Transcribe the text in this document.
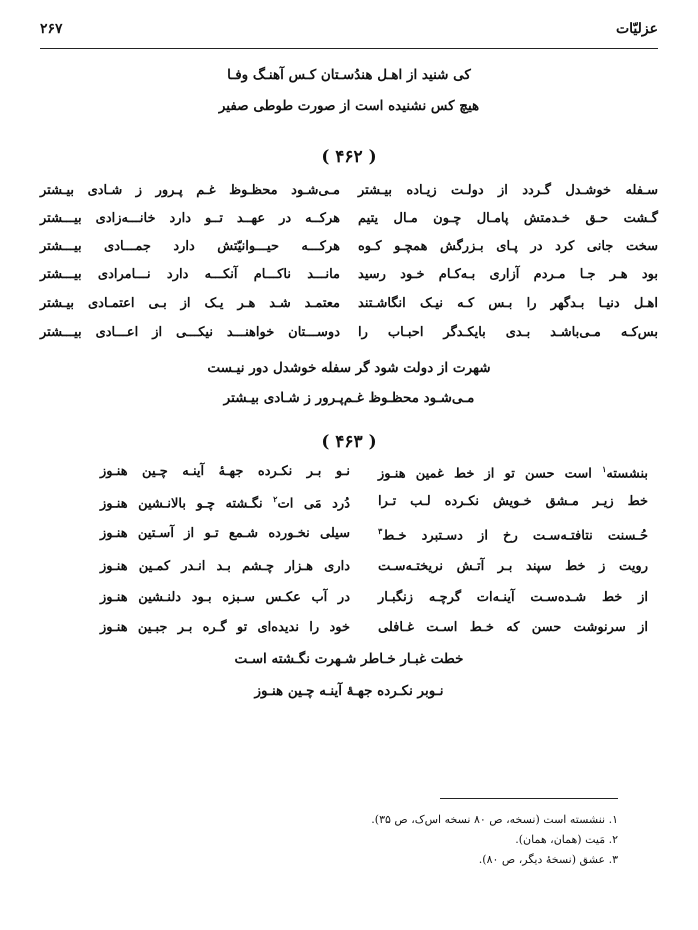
عزلیّات
۲۶۷
کی شنید از اهـل هندُسـتان کـس آهنـگ وفـا
هیچ کس نشنیده است از صورت طوطی صفیر
( ۴۶۲ )
سـفله خوشـدل گـردد از دولـت زیـاده بیـشتر
مـی‌شـود محظـوظ غـم پـرور ز شـادی بیـشتر
گـشت حـق خـدمتش پامـال چـون مـال یتیم
هرکــه در عهــد تــو دارد خانـــه‌زادی بیـــشتر
سخت جانی کرد در پـای بـزرگش همچـو کـوه
هرکـــه حیـــوانیّتش دارد جمـــادی بیـــشتر
بود هـر جـا مـردم آزاری بـه‌کـام خـود رسید
مانـــد ناکـــام آنکـــه دارد نـــامرادی بیـــشتر
اهـل دنیـا بـدگهر را بـس کـه نیـک انگاشـتند
معتمـد شـد هـر یـک از بـی اعتمـادی بیـشتر
بس‌کـه مـی‌باشـد بـدی بایکـدگر احبـاب را
دوســـتان خواهنـــد نیکـــی از اعـــادی بیـــشتر
شهرت از دولت شود گر سفله خوشدل دور نیـست
مـی‌شـود محظـوظ غـم‌پـرور ز شـادی بیـشتر
( ۴۶۳ )
بنشسته$^۱$ است حسن تو از خط غمین هنـوز
نـو بـر نکـرده جهـهٔ آینـه چـین هنـوز
خط زیـر مـشق خـویش نکـرده لـب تـرا
دُرد مَی ات$^۲$ نگـشته چـو بالانـشین هنـوز
حُـسنت نتافتـه‌سـت رخ از دسـتبرد خـط$^۳$
سیلی نخـورده شـمع تـو از آسـتین هنـوز
رویت ز خط سپند بـر آتـش نریختـه‌سـت
داری هـزار چـشم بـد انـدر کمـین هنـوز
از خط شـده‌سـت آینـه‌ات گرچـه زنگبـار
در آب عکـس سـبزه بـود دلنـشین هنـوز
از سرنوشت حسن که خـط اسـت غـافلی
خود را ندیده‌ای تو گـره بـر جبـین هنـوز
خطت غبـار خـاطر شـهرت نگـشته اسـت
نـوبر نکـرده جهـهٔ آینـه چـین هنـوز
۱. ننشسته است (نسخه، ص ۸۰ نسخه اس‌ک، ص ۳۵).
۲. مَیت (همان، همان).
۳. عشق (نسخهٔ دیگر، ص ۸۰).
